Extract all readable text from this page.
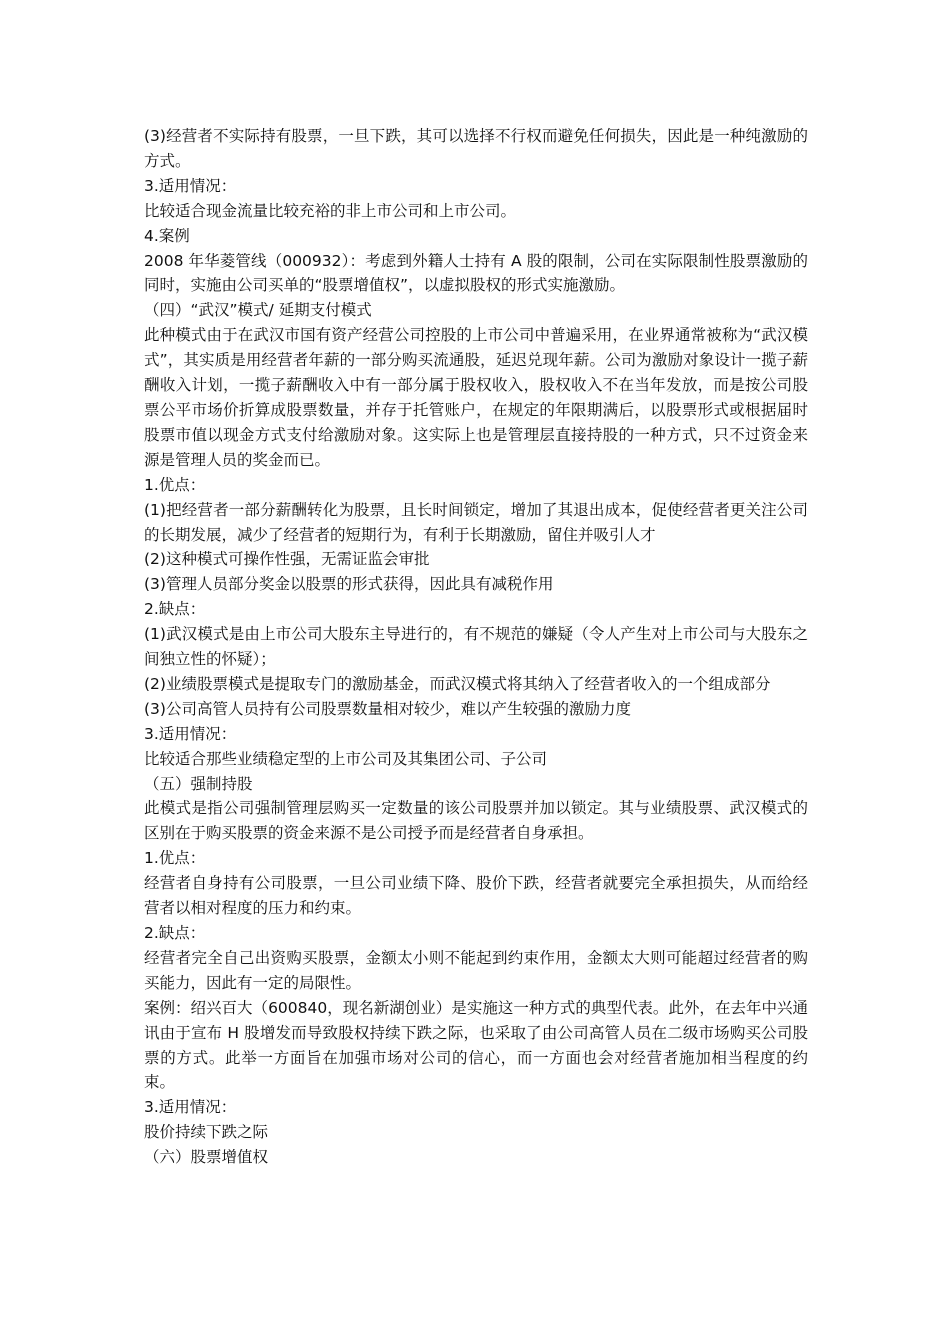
(3)经营者不实际持有股票，一旦下跌，其可以选择不行权而避免任何损失，因此是一种纯激励的方式。

3.适用情况：

比较适合现金流量比较充裕的非上市公司和上市公司。

4.案例

2008 年华菱管线（000932）：考虑到外籍人士持有 A 股的限制，公司在实际限制性股票激励的同时，实施由公司买单的“股票增值权”，以虚拟股权的形式实施激励。

（四）“武汉”模式/ 延期支付模式

此种模式由于在武汉市国有资产经营公司控股的上市公司中普遍采用，在业界通常被称为“武汉模式”，其实质是用经营者年薪的一部分购买流通股，延迟兑现年薪。公司为激励对象设计一揽子薪酬收入计划，一揽子薪酬收入中有一部分属于股权收入，股权收入不在当年发放，而是按公司股票公平市场价折算成股票数量，并存于托管账户，在规定的年限期满后，以股票形式或根据届时股票市值以现金方式支付给激励对象。这实际上也是管理层直接持股的一种方式，只不过资金来源是管理人员的奖金而已。

1.优点：

(1)把经营者一部分薪酬转化为股票，且长时间锁定，增加了其退出成本，促使经营者更关注公司的长期发展，减少了经营者的短期行为，有利于长期激励，留住并吸引人才

(2)这种模式可操作性强，无需证监会审批

(3)管理人员部分奖金以股票的形式获得，因此具有减税作用

2.缺点：

(1)武汉模式是由上市公司大股东主导进行的，有不规范的嫌疑（令人产生对上市公司与大股东之间独立性的怀疑）；

(2)业绩股票模式是提取专门的激励基金，而武汉模式将其纳入了经营者收入的一个组成部分

(3)公司高管人员持有公司股票数量相对较少，难以产生较强的激励力度

3.适用情况：

比较适合那些业绩稳定型的上市公司及其集团公司、子公司

（五）强制持股

此模式是指公司强制管理层购买一定数量的该公司股票并加以锁定。其与业绩股票、武汉模式的区别在于购买股票的资金来源不是公司授予而是经营者自身承担。

1.优点：

经营者自身持有公司股票，一旦公司业绩下降、股价下跌，经营者就要完全承担损失，从而给经营者以相对程度的压力和约束。

2.缺点：

经营者完全自己出资购买股票，金额太小则不能起到约束作用，金额太大则可能超过经营者的购买能力，因此有一定的局限性。

案例：绍兴百大（600840，现名新湖创业）是实施这一种方式的典型代表。此外，在去年中兴通讯由于宣布 H 股增发而导致股权持续下跌之际，也采取了由公司高管人员在二级市场购买公司股票的方式。此举一方面旨在加强市场对公司的信心，而一方面也会对经营者施加相当程度的约束。

3.适用情况：

股价持续下跌之际

（六）股票增值权
